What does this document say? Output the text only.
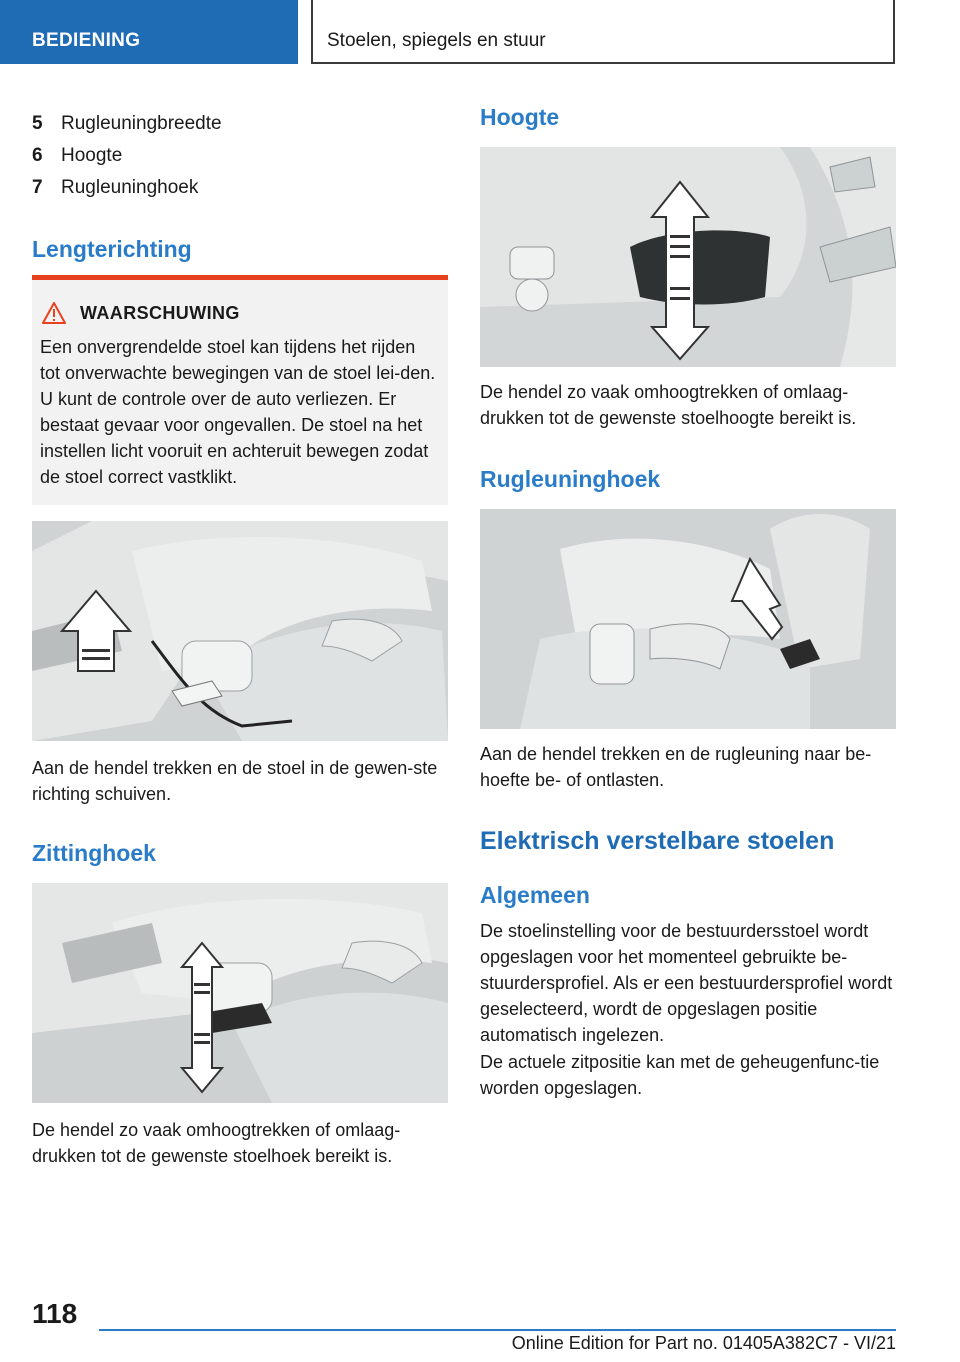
BEDIENING	Stoelen, spiegels en stuur
5 Rugleuningbreedte
6 Hoogte
7 Rugleuninghoek
Lengterichting
WAARSCHUWING

Een onvergrendelde stoel kan tijdens het rijden tot onverwachte bewegingen van de stoel lei-den. U kunt de controle over de auto verliezen. Er bestaat gevaar voor ongevallen. De stoel na het instellen licht vooruit en achteruit bewegen zodat de stoel correct vastklikt.

Aan de hendel trekken en de stoel in de gewen-ste richting schuiven.

Zittinghoek

De hendel zo vaak omhoogtrekken of omlaag-drukken tot de gewenste stoelhoek bereikt is.

Hoogte

De hendel zo vaak omhoogtrekken of omlaag-drukken tot de gewenste stoelhoogte bereikt is.

Rugleuninghoek

Aan de hendel trekken en de rugleuning naar be-hoefte be- of ontlasten.

Elektrisch verstelbare stoelen
Algemeen

De stoelinstelling voor de bestuurdersstoel wordt opgeslagen voor het momenteel gebruikte be-stuurdersprofiel. Als er een bestuurdersprofiel wordt geselecteerd, wordt de opgeslagen positie automatisch ingelezen.

De actuele zitpositie kan met de geheugenfunc-tie worden opgeslagen.

118
Online Edition for Part no. 01405A382C7 - VI/21
